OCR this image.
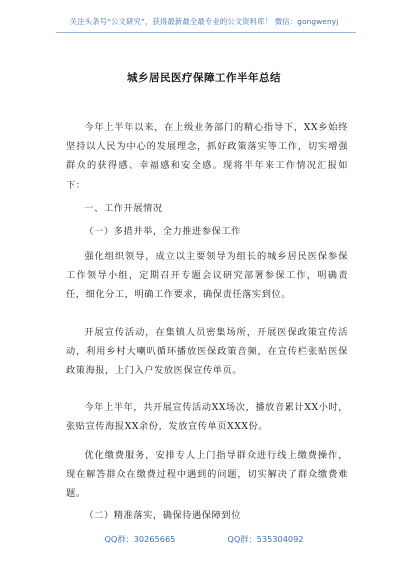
关注头条号“公文研究”，获得最新最全最专业的公文资料库！ 微信：gongwenyj
城乡居民医疗保障工作半年总结

今年上半年以来，在上级业务部门的精心指导下，XX乡始终坚持以人民为中心的发展理念，抓好政策落实等工作，切实增强群众的获得感、幸福感和安全感。现将半年来工作情况汇报如下：

一、工作开展情况

（一）多措并举，全力推进参保工作

强化组织领导，成立以主要领导为组长的城乡居民医保参保工作领导小组，定期召开专题会议研究部署参保工作，明确责任，细化分工，明确工作要求，确保责任落实到位。

开展宣传活动，在集镇人员密集场所，开展医保政策宣传活动，利用乡村大喇叭循环播放医保政策音频，在宣传栏张贴医保政策海报，上门入户发放医保宣传单页。

今年上半年，共开展宣传活动XX场次，播放音累计XX小时，张贴宣传海报XX余份，发放宣传单页XXX份。

优化缴费服务，安排专人上门指导群众进行线上缴费操作，现在解答群众在缴费过程中遇到的问题，切实解决了群众缴费难题。

（二）精准落实，确保待遇保障到位

QQ群：30265665	QQ群：535304092
